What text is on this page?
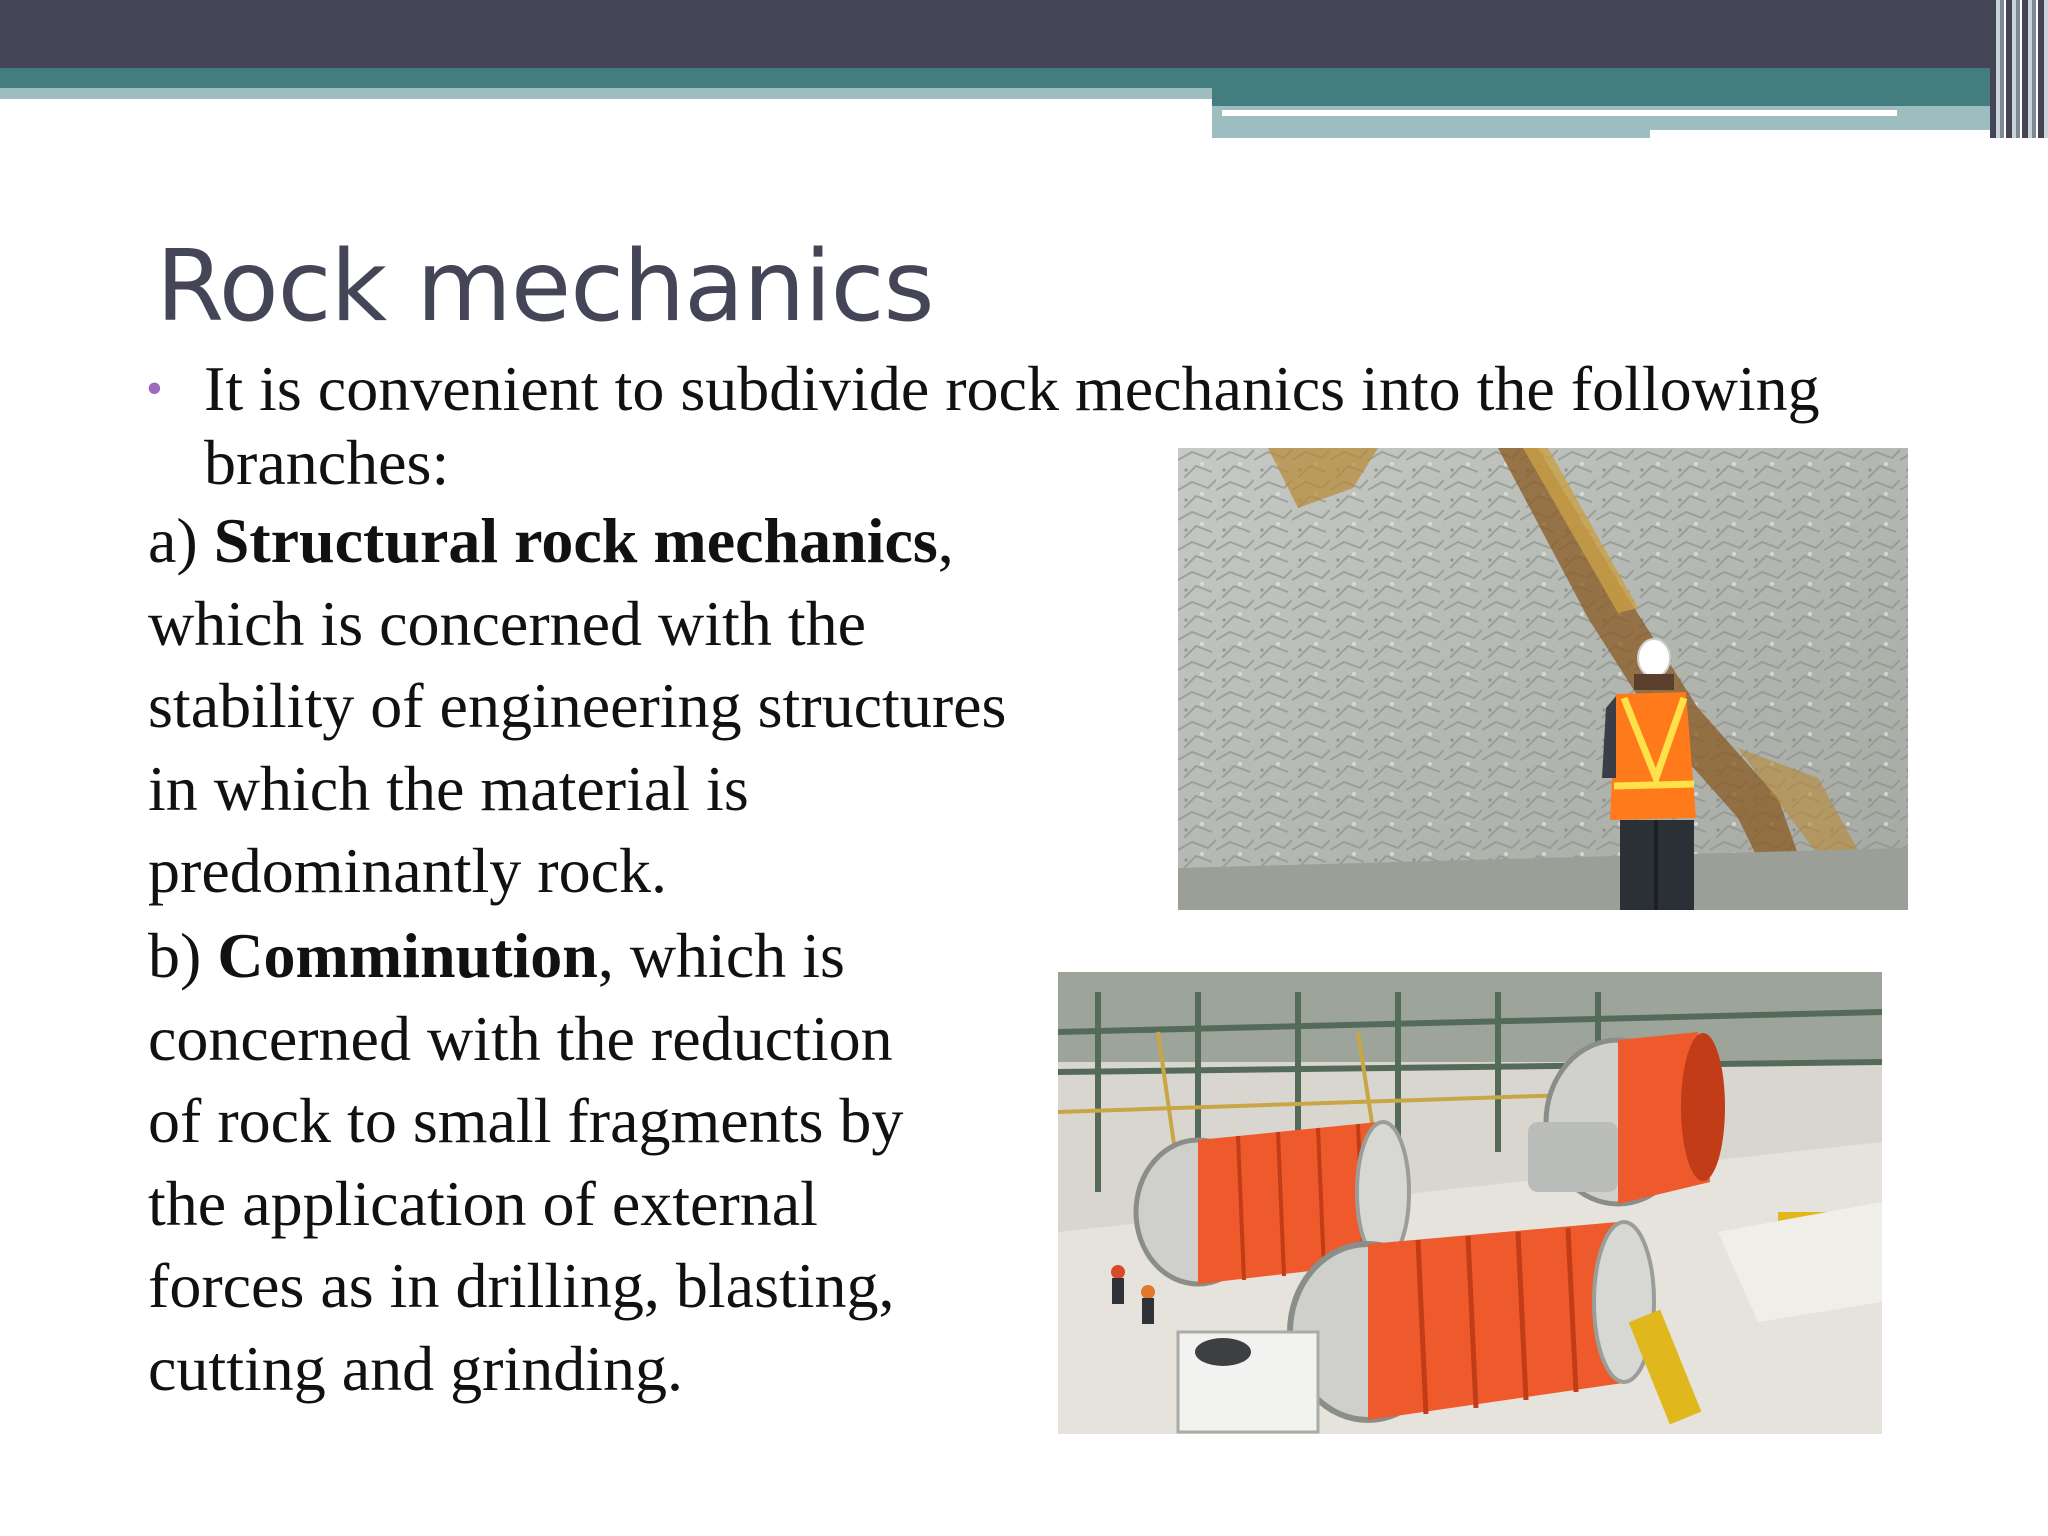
Rock mechanics
• It is convenient to subdivide rock mechanics into the following branches:
a) Structural rock mechanics,
which is concerned with the
stability of engineering structures
in which the material is
predominantly rock.
b) Comminution, which is
concerned with the reduction
of rock to small fragments by
the application of external
forces as in drilling, blasting,
cutting and grinding.
